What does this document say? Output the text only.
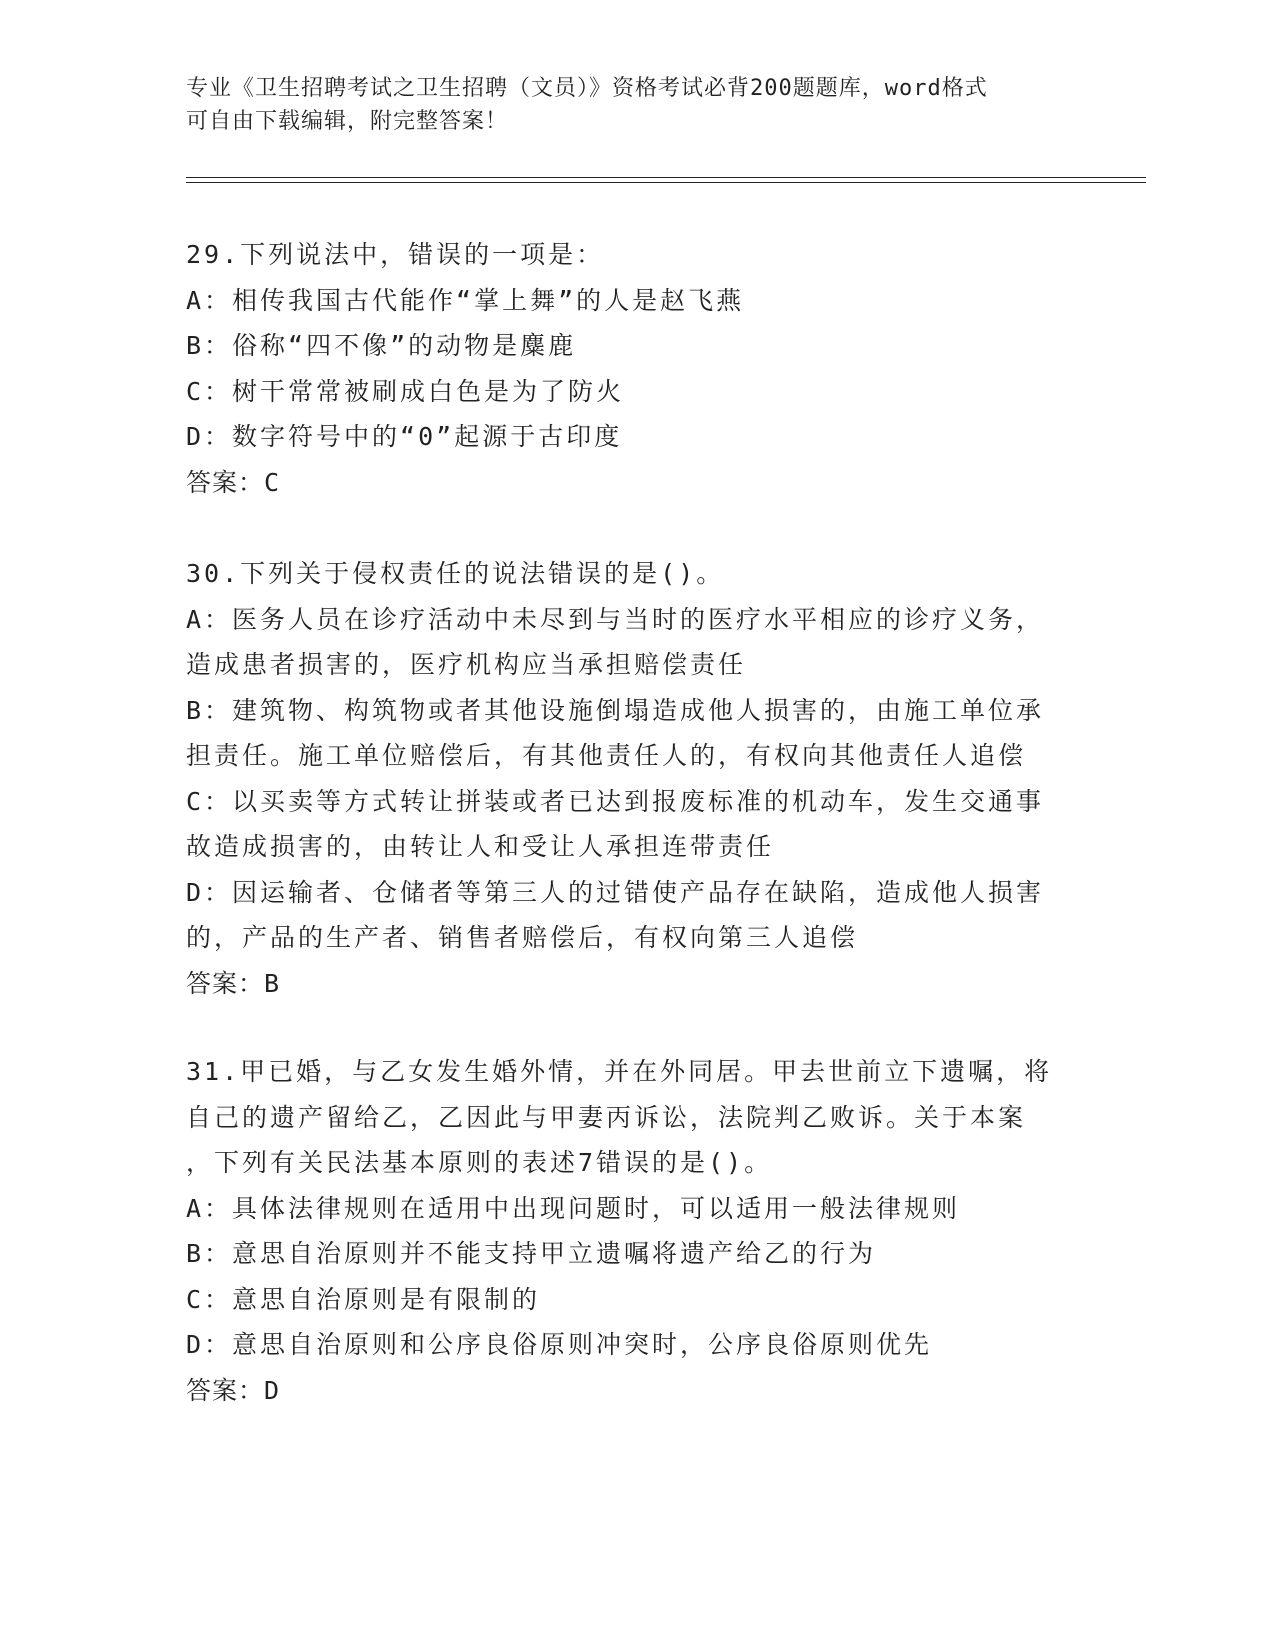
专业《卫生招聘考试之卫生招聘（文员）》资格考试必背200题题库，word格式
可自由下载编辑，附完整答案！
29.下列说法中，错误的一项是：
A：相传我国古代能作“掌上舞”的人是赵飞燕
B：俗称“四不像”的动物是麋鹿
C：树干常常被刷成白色是为了防火
D：数字符号中的“0”起源于古印度
答案：C
30.下列关于侵权责任的说法错误的是()。
A：医务人员在诊疗活动中未尽到与当时的医疗水平相应的诊疗义务，
造成患者损害的，医疗机构应当承担赔偿责任
B：建筑物、构筑物或者其他设施倒塌造成他人损害的，由施工单位承
担责任。施工单位赔偿后，有其他责任人的，有权向其他责任人追偿
C：以买卖等方式转让拼装或者已达到报废标准的机动车，发生交通事
故造成损害的，由转让人和受让人承担连带责任
D：因运输者、仓储者等第三人的过错使产品存在缺陷，造成他人损害
的，产品的生产者、销售者赔偿后，有权向第三人追偿
答案：B
31.甲已婚，与乙女发生婚外情，并在外同居。甲去世前立下遗嘱，将
自己的遗产留给乙，乙因此与甲妻丙诉讼，法院判乙败诉。关于本案
，下列有关民法基本原则的表述7错误的是()。
A：具体法律规则在适用中出现问题时，可以适用一般法律规则
B：意思自治原则并不能支持甲立遗嘱将遗产给乙的行为
C：意思自治原则是有限制的
D：意思自治原则和公序良俗原则冲突时，公序良俗原则优先
答案：D
